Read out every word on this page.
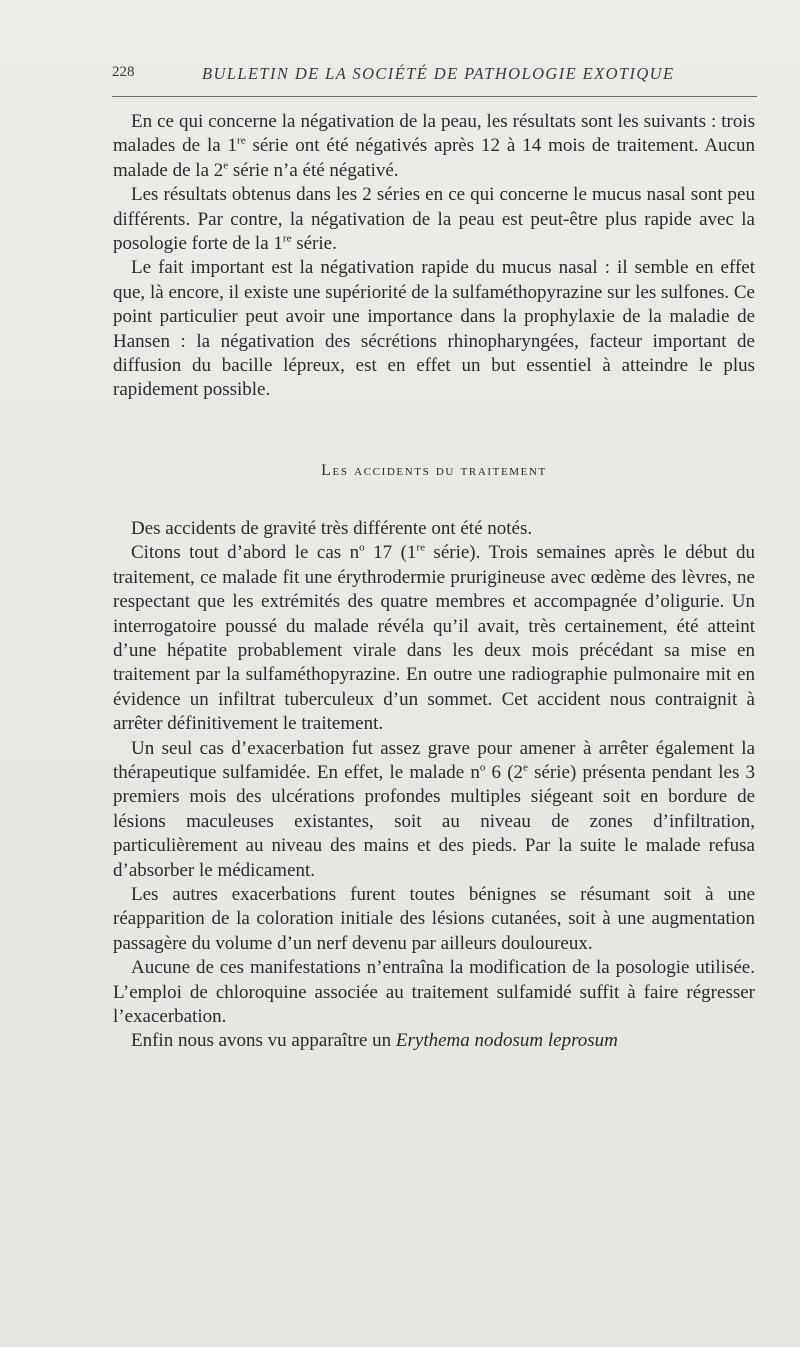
228	BULLETIN DE LA SOCIÉTÉ DE PATHOLOGIE EXOTIQUE

En ce qui concerne la négativation de la peau, les résultats sont les suivants : trois malades de la 1re série ont été négativés après 12 à 14 mois de traitement. Aucun malade de la 2e série n’a été négativé.

Les résultats obtenus dans les 2 séries en ce qui concerne le mucus nasal sont peu différents. Par contre, la négativation de la peau est peut-être plus rapide avec la posologie forte de la 1re série.

Le fait important est la négativation rapide du mucus nasal : il semble en effet que, là encore, il existe une supériorité de la sulfaméthopyrazine sur les sulfones. Ce point particulier peut avoir une importance dans la prophylaxie de la maladie de Hansen : la négativation des sécrétions rhinopharyngées, facteur important de diffusion du bacille lépreux, est en effet un but essentiel à atteindre le plus rapidement possible.

Les accidents du traitement

Des accidents de gravité très différente ont été notés.

Citons tout d’abord le cas $n^o$ 17 (1re série). Trois semaines après le début du traitement, ce malade fit une érythrodermie prurigineuse avec œdème des lèvres, ne respectant que les extrémités des quatre membres et accompagnée d’oligurie. Un interrogatoire poussé du malade révéla qu’il avait, très certainement, été atteint d’une hépatite probablement virale dans les deux mois précédant sa mise en traitement par la sulfaméthopyrazine. En outre une radiographie pulmonaire mit en évidence un infiltrat tuberculeux d’un sommet. Cet accident nous contraignit à arrêter définitivement le traitement.

Un seul cas d’exacerbation fut assez grave pour amener à arrêter également la thérapeutique sulfamidée. En effet, le malade $n^o$ 6 (2e série) présenta pendant les 3 premiers mois des ulcérations profondes multiples siégeant soit en bordure de lésions maculeuses existantes, soit au niveau de zones d’infiltration, particulièrement au niveau des mains et des pieds. Par la suite le malade refusa d’absorber le médicament.

Les autres exacerbations furent toutes bénignes se résumant soit à une réapparition de la coloration initiale des lésions cutanées, soit à une augmentation passagère du volume d’un nerf devenu par ailleurs douloureux.

Aucune de ces manifestations n’entraîna la modification de la posologie utilisée. L’emploi de chloroquine associée au traitement sulfamidé suffit à faire régresser l’exacerbation.

Enfin nous avons vu apparaître un Erythema nodosum leprosum
